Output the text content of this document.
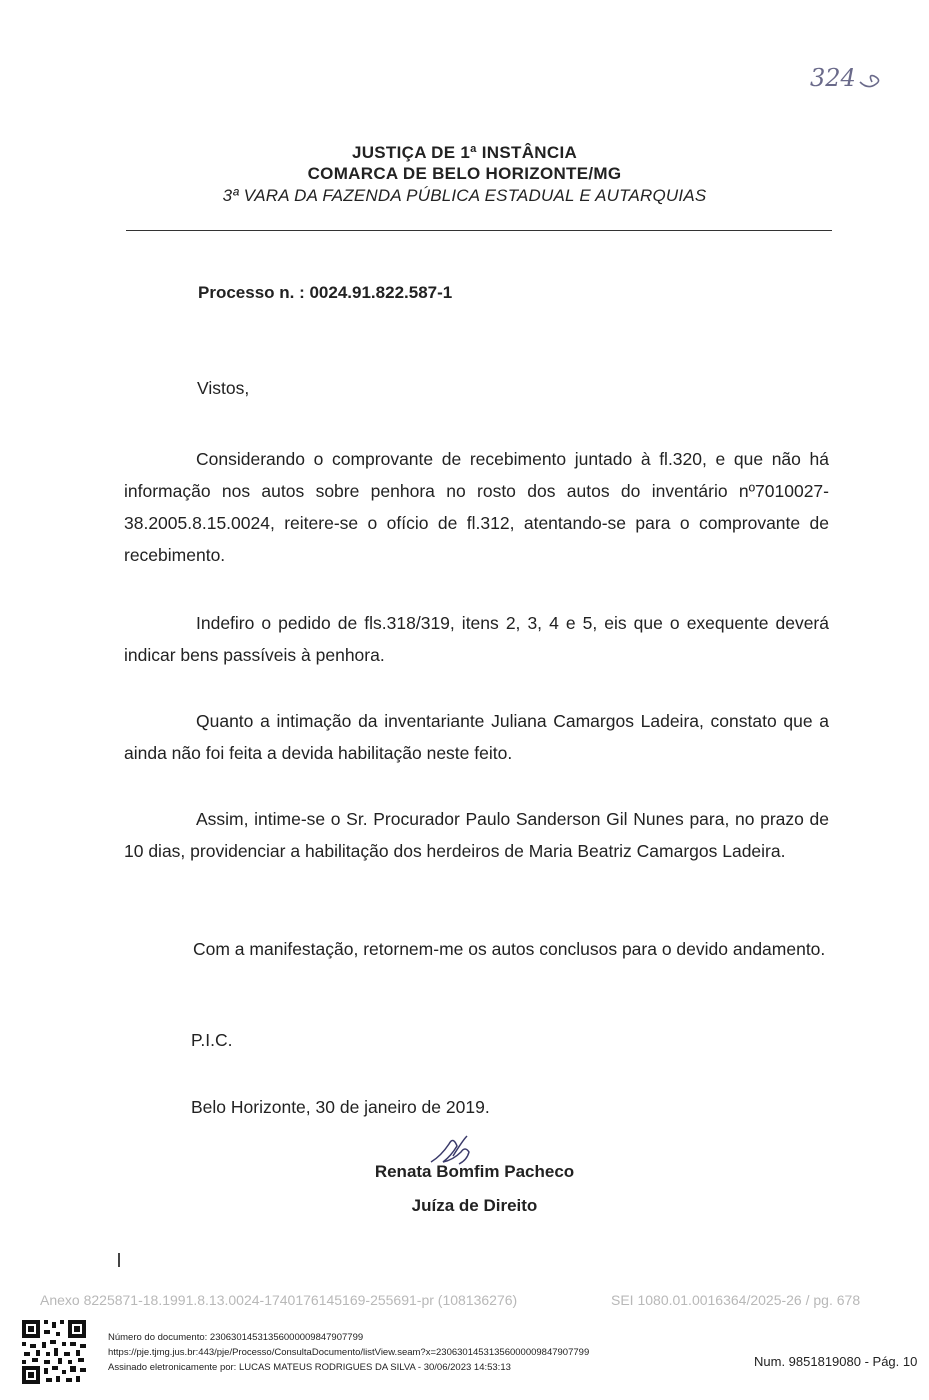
324
JUSTIÇA DE 1ª INSTÂNCIA
COMARCA DE BELO HORIZONTE/MG
3ª VARA DA FAZENDA PÚBLICA ESTADUAL E AUTARQUIAS
Processo n. : 0024.91.822.587-1
Vistos,
Considerando o comprovante de recebimento juntado à fl.320, e que não há informação nos autos sobre penhora no rosto dos autos do inventário nº7010027-38.2005.8.15.0024, reitere-se o ofício de fl.312, atentando-se para o comprovante de recebimento.
Indefiro o pedido de fls.318/319, itens 2, 3, 4 e 5, eis que o exequente deverá indicar bens passíveis à penhora.
Quanto a intimação da inventariante Juliana Camargos Ladeira, constato que a ainda não foi feita a devida habilitação neste feito.
Assim, intime-se o Sr. Procurador Paulo Sanderson Gil Nunes para, no prazo de 10 dias, providenciar a habilitação dos herdeiros de Maria Beatriz Camargos Ladeira.
Com a manifestação, retornem-me os autos conclusos para o devido andamento.
P.I.C.
Belo Horizonte, 30 de janeiro de 2019.
Renata Bomfim Pacheco
Juíza de Direito
Anexo 8225871-18.1991.8.13.0024-1740176145169-255691-pr (108136276)	SEI 1080.01.0016364/2025-26 / pg. 678
Número do documento: 23063014531356000009847907799
https://pje.tjmg.jus.br:443/pje/Processo/ConsultaDocumento/listView.seam?x=23063014531356000009847907799
Assinado eletronicamente por: LUCAS MATEUS RODRIGUES DA SILVA - 30/06/2023 14:53:13	Num. 9851819080 - Pág. 10
